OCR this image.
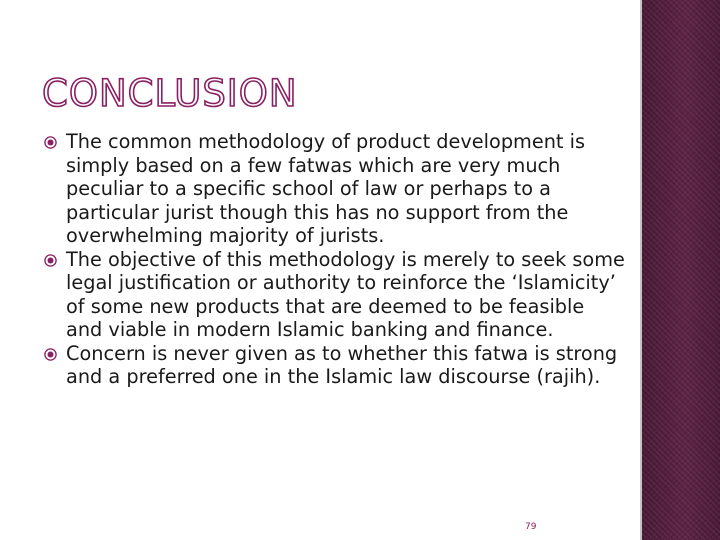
CONCLUSION
The common methodology of product development is simply based on a few fatwas which are very much peculiar to a specific school of law or perhaps to a particular jurist though this has no support from the overwhelming majority of jurists.
The objective of this methodology is merely to seek some legal justification or authority to reinforce the ‘Islamicity’ of some new products that are deemed to be feasible and viable in modern Islamic banking and finance.
Concern is never given as to whether this fatwa is strong and a preferred one in the Islamic law discourse (rajih).
79
